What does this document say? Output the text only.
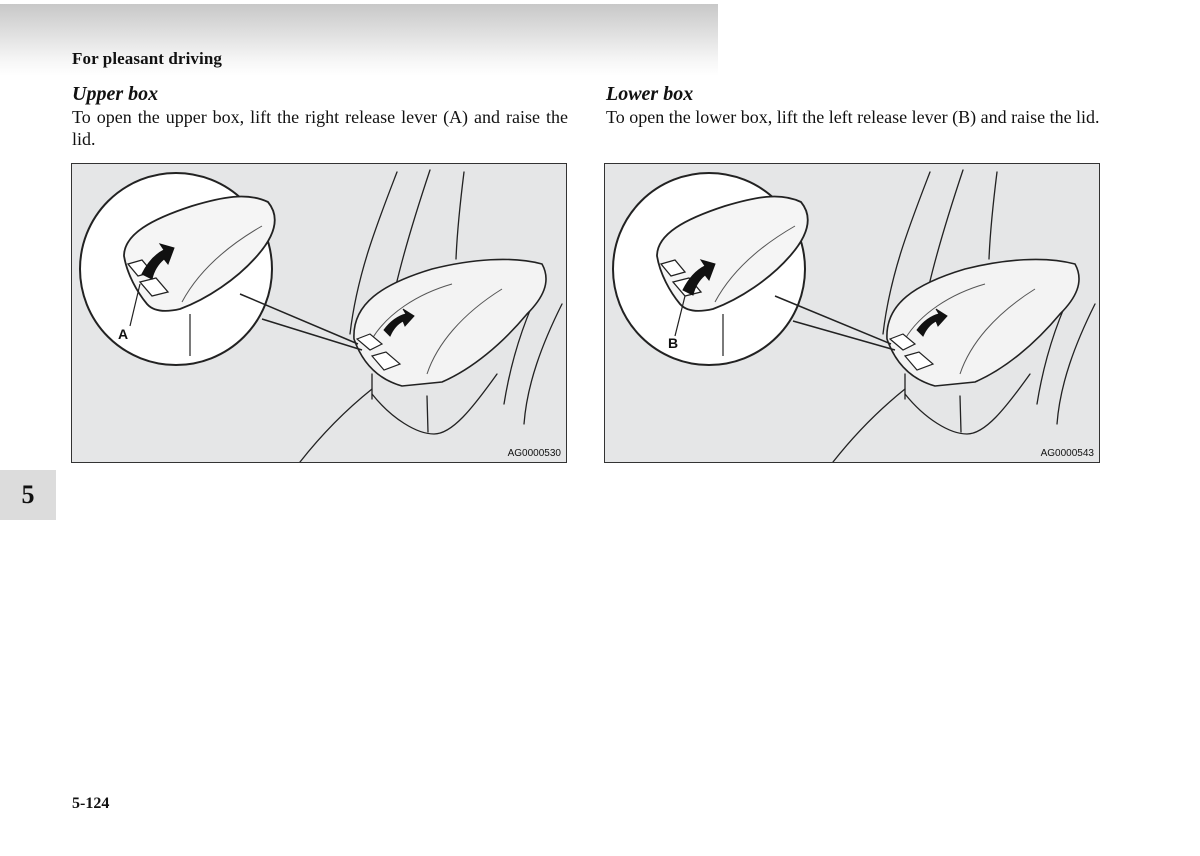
For pleasant driving
Upper box

To open the upper box, lift the right release lever (A) and raise the lid.

Lower box

To open the lower box, lift the left release lever (B) and raise the lid.

A
AG0000530
B
AG0000543
5
5-124
